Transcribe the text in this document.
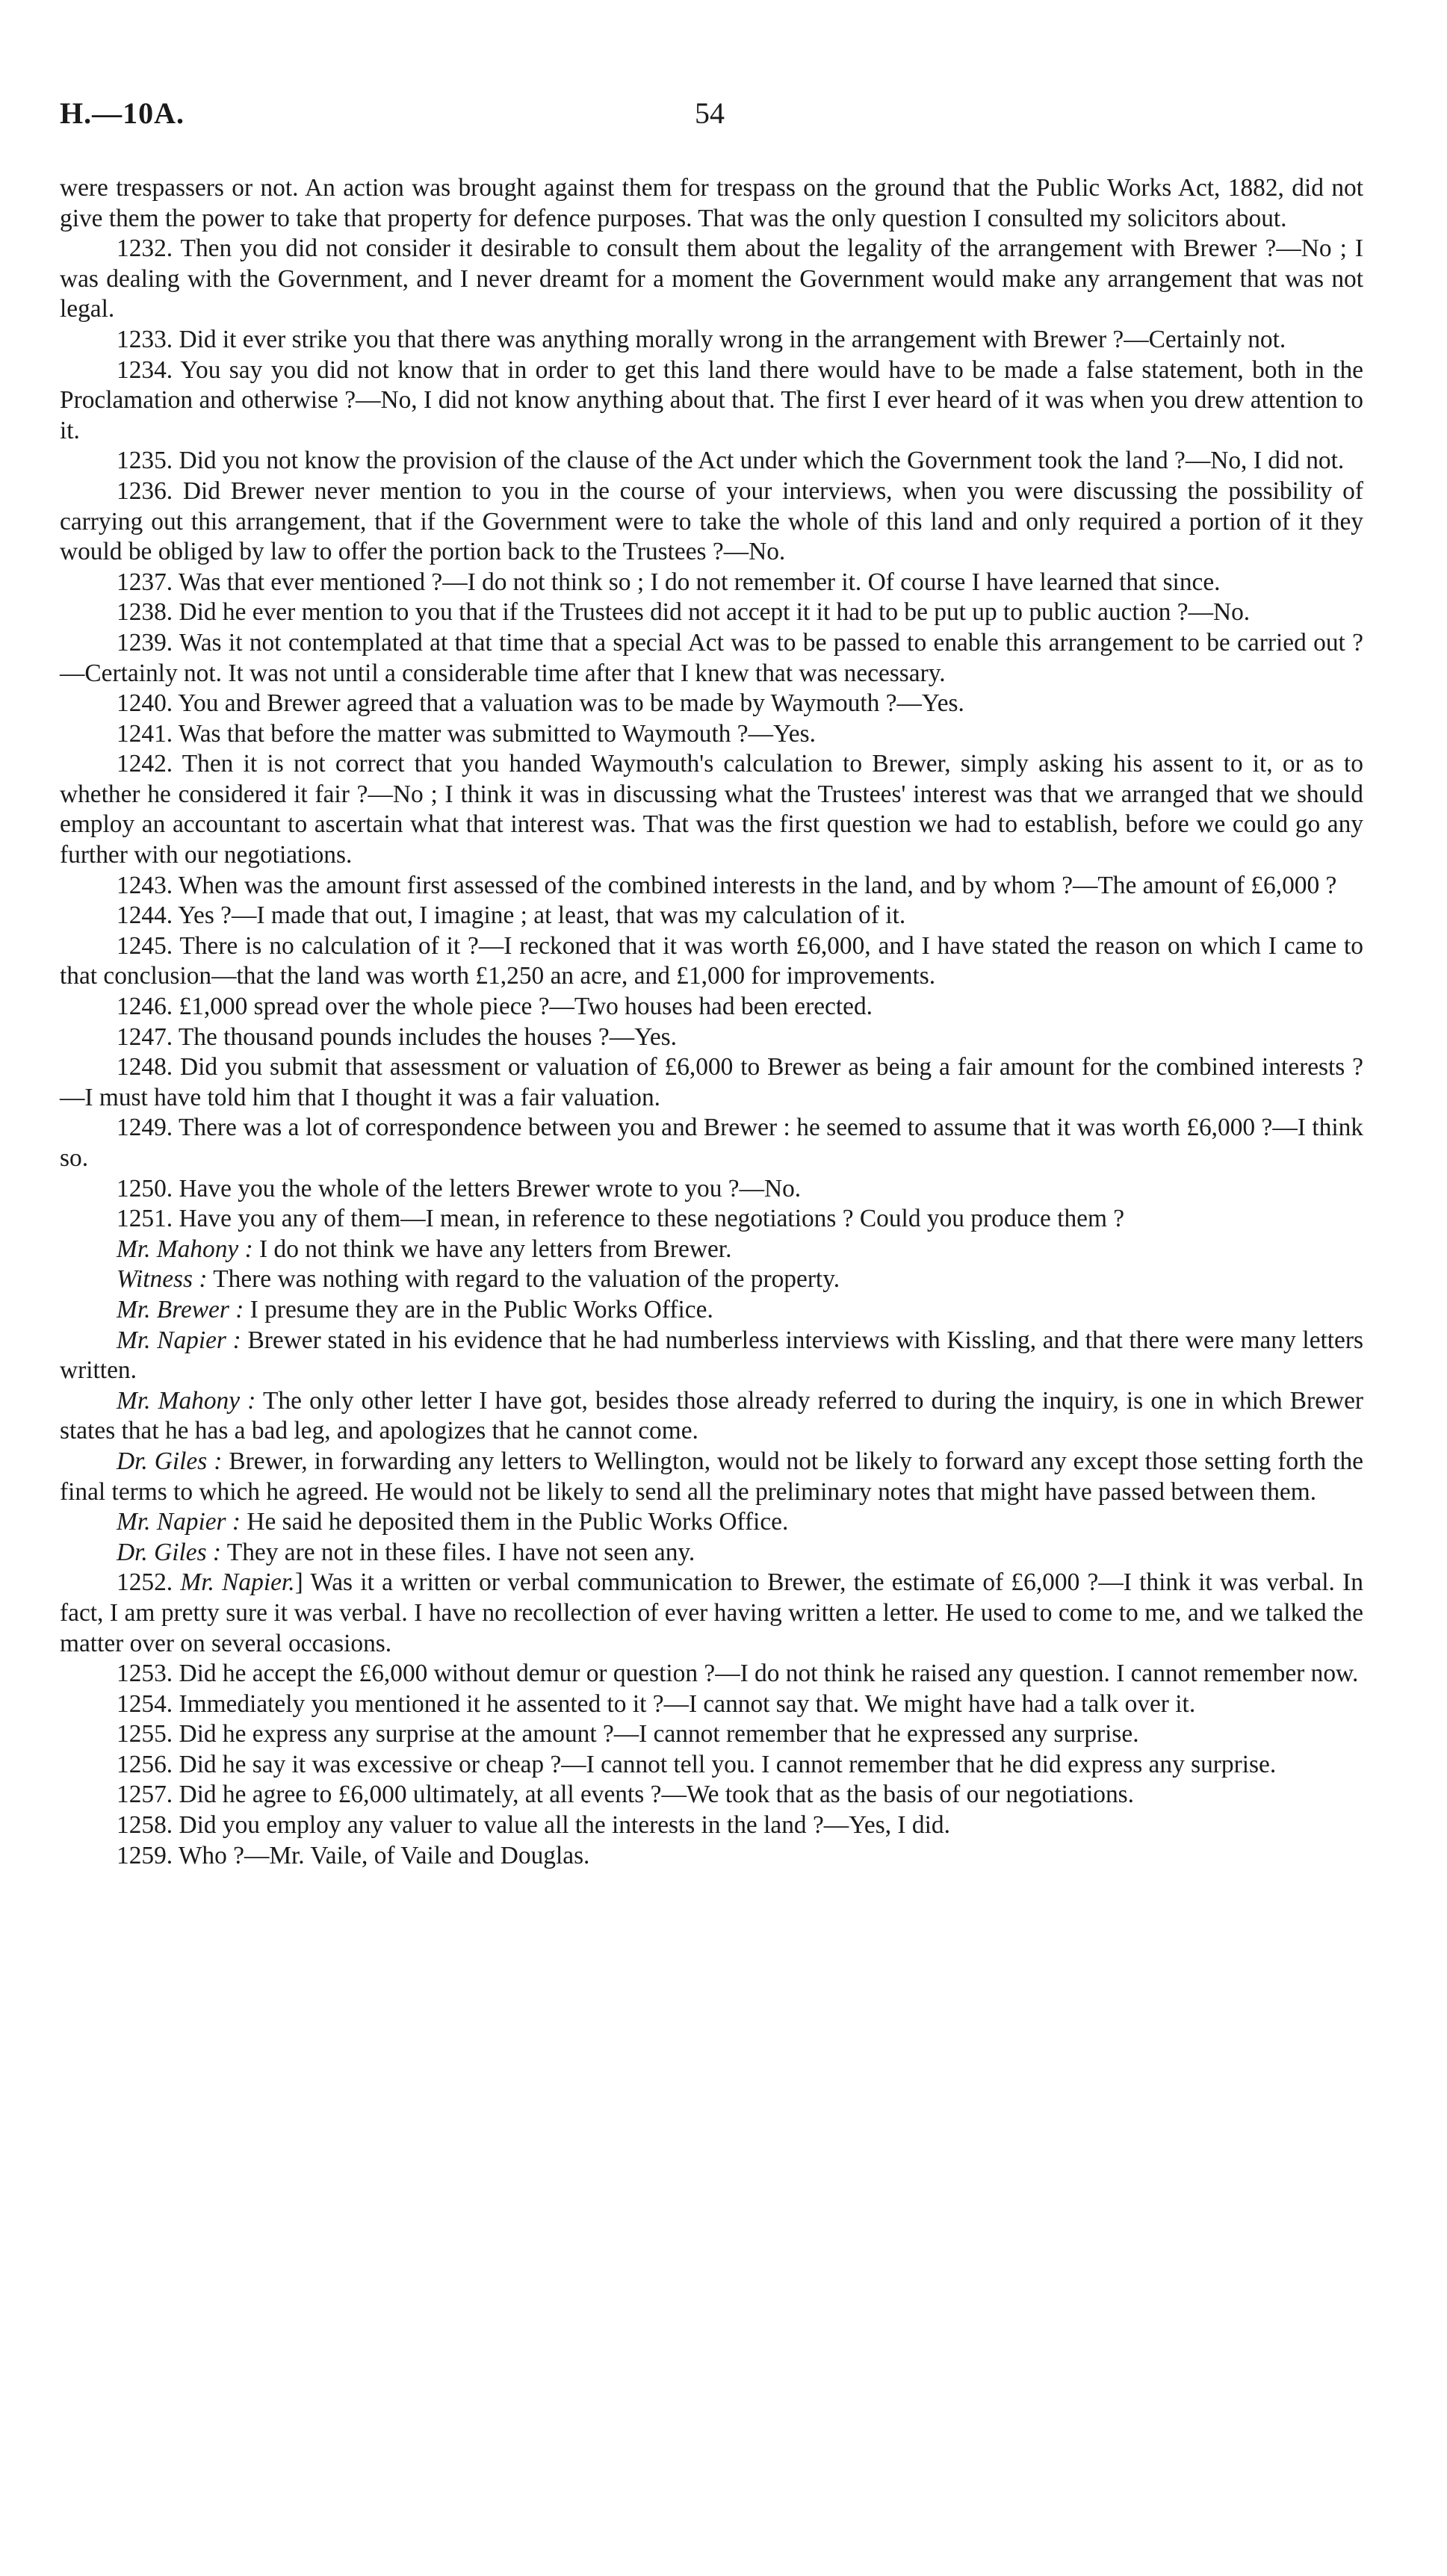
H.—10A.	54

were trespassers or not. An action was brought against them for trespass on the ground that the Public Works Act, 1882, did not give them the power to take that property for defence purposes. That was the only question I consulted my solicitors about.

1232. Then you did not consider it desirable to consult them about the legality of the arrangement with Brewer ?—No ; I was dealing with the Government, and I never dreamt for a moment the Government would make any arrangement that was not legal.

1233. Did it ever strike you that there was anything morally wrong in the arrangement with Brewer ?—Certainly not.

1234. You say you did not know that in order to get this land there would have to be made a false statement, both in the Proclamation and otherwise ?—No, I did not know anything about that. The first I ever heard of it was when you drew attention to it.

1235. Did you not know the provision of the clause of the Act under which the Government took the land ?—No, I did not.

1236. Did Brewer never mention to you in the course of your interviews, when you were discussing the possibility of carrying out this arrangement, that if the Government were to take the whole of this land and only required a portion of it they would be obliged by law to offer the portion back to the Trustees ?—No.

1237. Was that ever mentioned ?—I do not think so ; I do not remember it. Of course I have learned that since.

1238. Did he ever mention to you that if the Trustees did not accept it it had to be put up to public auction ?—No.

1239. Was it not contemplated at that time that a special Act was to be passed to enable this arrangement to be carried out ?—Certainly not. It was not until a considerable time after that I knew that was necessary.

1240. You and Brewer agreed that a valuation was to be made by Waymouth ?—Yes.

1241. Was that before the matter was submitted to Waymouth ?—Yes.

1242. Then it is not correct that you handed Waymouth's calculation to Brewer, simply asking his assent to it, or as to whether he considered it fair ?—No ; I think it was in discussing what the Trustees' interest was that we arranged that we should employ an accountant to ascertain what that interest was. That was the first question we had to establish, before we could go any further with our negotiations.

1243. When was the amount first assessed of the combined interests in the land, and by whom ?—The amount of £6,000 ?

1244. Yes ?—I made that out, I imagine ; at least, that was my calculation of it.

1245. There is no calculation of it ?—I reckoned that it was worth £6,000, and I have stated the reason on which I came to that conclusion—that the land was worth £1,250 an acre, and £1,000 for improvements.

1246. £1,000 spread over the whole piece ?—Two houses had been erected.

1247. The thousand pounds includes the houses ?—Yes.

1248. Did you submit that assessment or valuation of £6,000 to Brewer as being a fair amount for the combined interests ?—I must have told him that I thought it was a fair valuation.

1249. There was a lot of correspondence between you and Brewer : he seemed to assume that it was worth £6,000 ?—I think so.

1250. Have you the whole of the letters Brewer wrote to you ?—No.

1251. Have you any of them—I mean, in reference to these negotiations ? Could you produce them ?

Mr. Mahony : I do not think we have any letters from Brewer.

Witness : There was nothing with regard to the valuation of the property.

Mr. Brewer : I presume they are in the Public Works Office.

Mr. Napier : Brewer stated in his evidence that he had numberless interviews with Kissling, and that there were many letters written.

Mr. Mahony : The only other letter I have got, besides those already referred to during the inquiry, is one in which Brewer states that he has a bad leg, and apologizes that he cannot come.

Dr. Giles : Brewer, in forwarding any letters to Wellington, would not be likely to forward any except those setting forth the final terms to which he agreed. He would not be likely to send all the preliminary notes that might have passed between them.

Mr. Napier : He said he deposited them in the Public Works Office.

Dr. Giles : They are not in these files. I have not seen any.

1252. Mr. Napier.] Was it a written or verbal communication to Brewer, the estimate of £6,000 ?—I think it was verbal. In fact, I am pretty sure it was verbal. I have no recollection of ever having written a letter. He used to come to me, and we talked the matter over on several occasions.

1253. Did he accept the £6,000 without demur or question ?—I do not think he raised any question. I cannot remember now.

1254. Immediately you mentioned it he assented to it ?—I cannot say that. We might have had a talk over it.

1255. Did he express any surprise at the amount ?—I cannot remember that he expressed any surprise.

1256. Did he say it was excessive or cheap ?—I cannot tell you. I cannot remember that he did express any surprise.

1257. Did he agree to £6,000 ultimately, at all events ?—We took that as the basis of our negotiations.

1258. Did you employ any valuer to value all the interests in the land ?—Yes, I did.

1259. Who ?—Mr. Vaile, of Vaile and Douglas.
